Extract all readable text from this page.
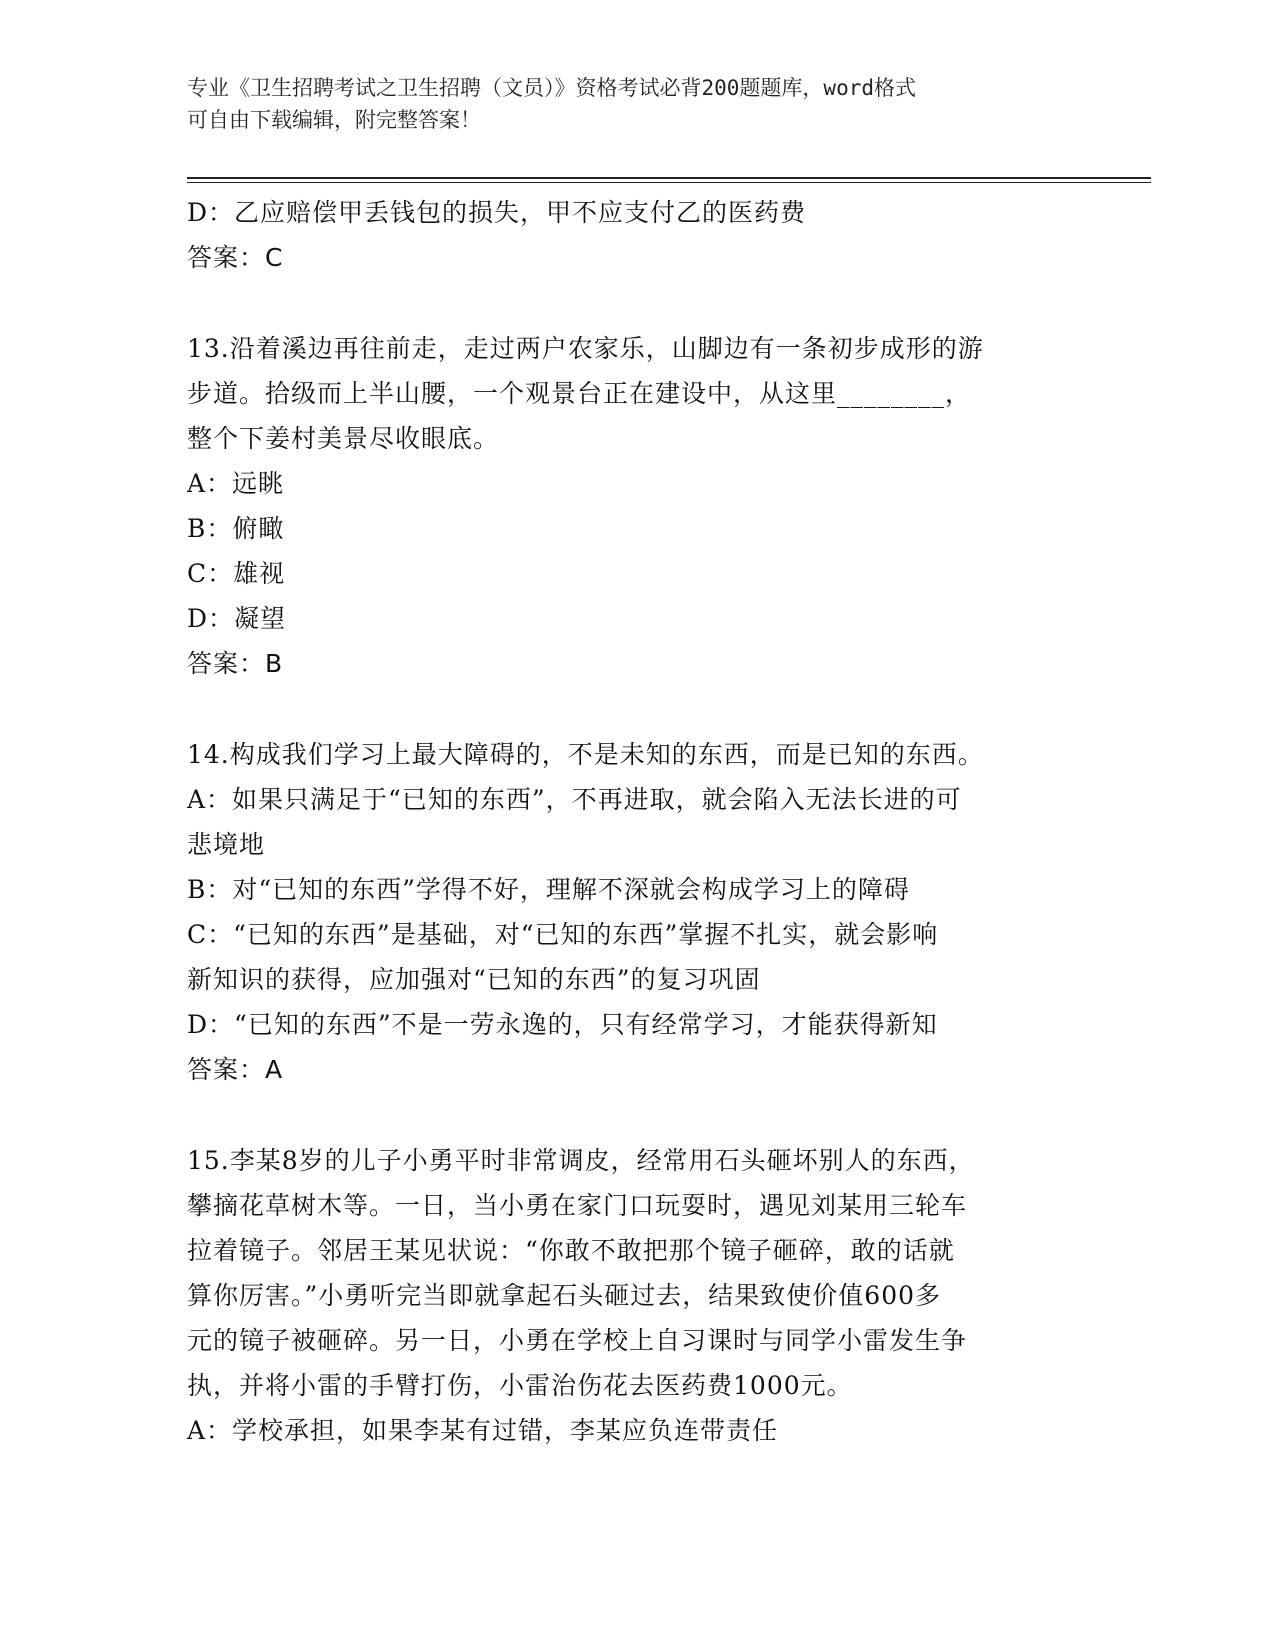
专业《卫生招聘考试之卫生招聘（文员）》资格考试必背200题题库，word格式
可自由下载编辑，附完整答案！
D：乙应赔偿甲丢钱包的损失，甲不应支付乙的医药费
答案：C
13.沿着溪边再往前走，走过两户农家乐，山脚边有一条初步成形的游
步道。拾级而上半山腰，一个观景台正在建设中，从这里________，
整个下姜村美景尽收眼底。
A：远眺
B：俯瞰
C：雄视
D：凝望
答案：B
14.构成我们学习上最大障碍的，不是未知的东西，而是已知的东西。
A：如果只满足于“已知的东西”，不再进取，就会陷入无法长进的可
悲境地
B：对“已知的东西”学得不好，理解不深就会构成学习上的障碍
C：“已知的东西”是基础，对“已知的东西”掌握不扎实，就会影响
新知识的获得，应加强对“已知的东西”的复习巩固
D：“已知的东西”不是一劳永逸的，只有经常学习，才能获得新知
答案：A
15.李某8岁的儿子小勇平时非常调皮，经常用石头砸坏别人的东西，
攀摘花草树木等。一日，当小勇在家门口玩耍时，遇见刘某用三轮车
拉着镜子。邻居王某见状说：“你敢不敢把那个镜子砸碎，敢的话就
算你厉害。”小勇听完当即就拿起石头砸过去，结果致使价值600多
元的镜子被砸碎。另一日，小勇在学校上自习课时与同学小雷发生争
执，并将小雷的手臂打伤，小雷治伤花去医药费1000元。
A：学校承担，如果李某有过错，李某应负连带责任
